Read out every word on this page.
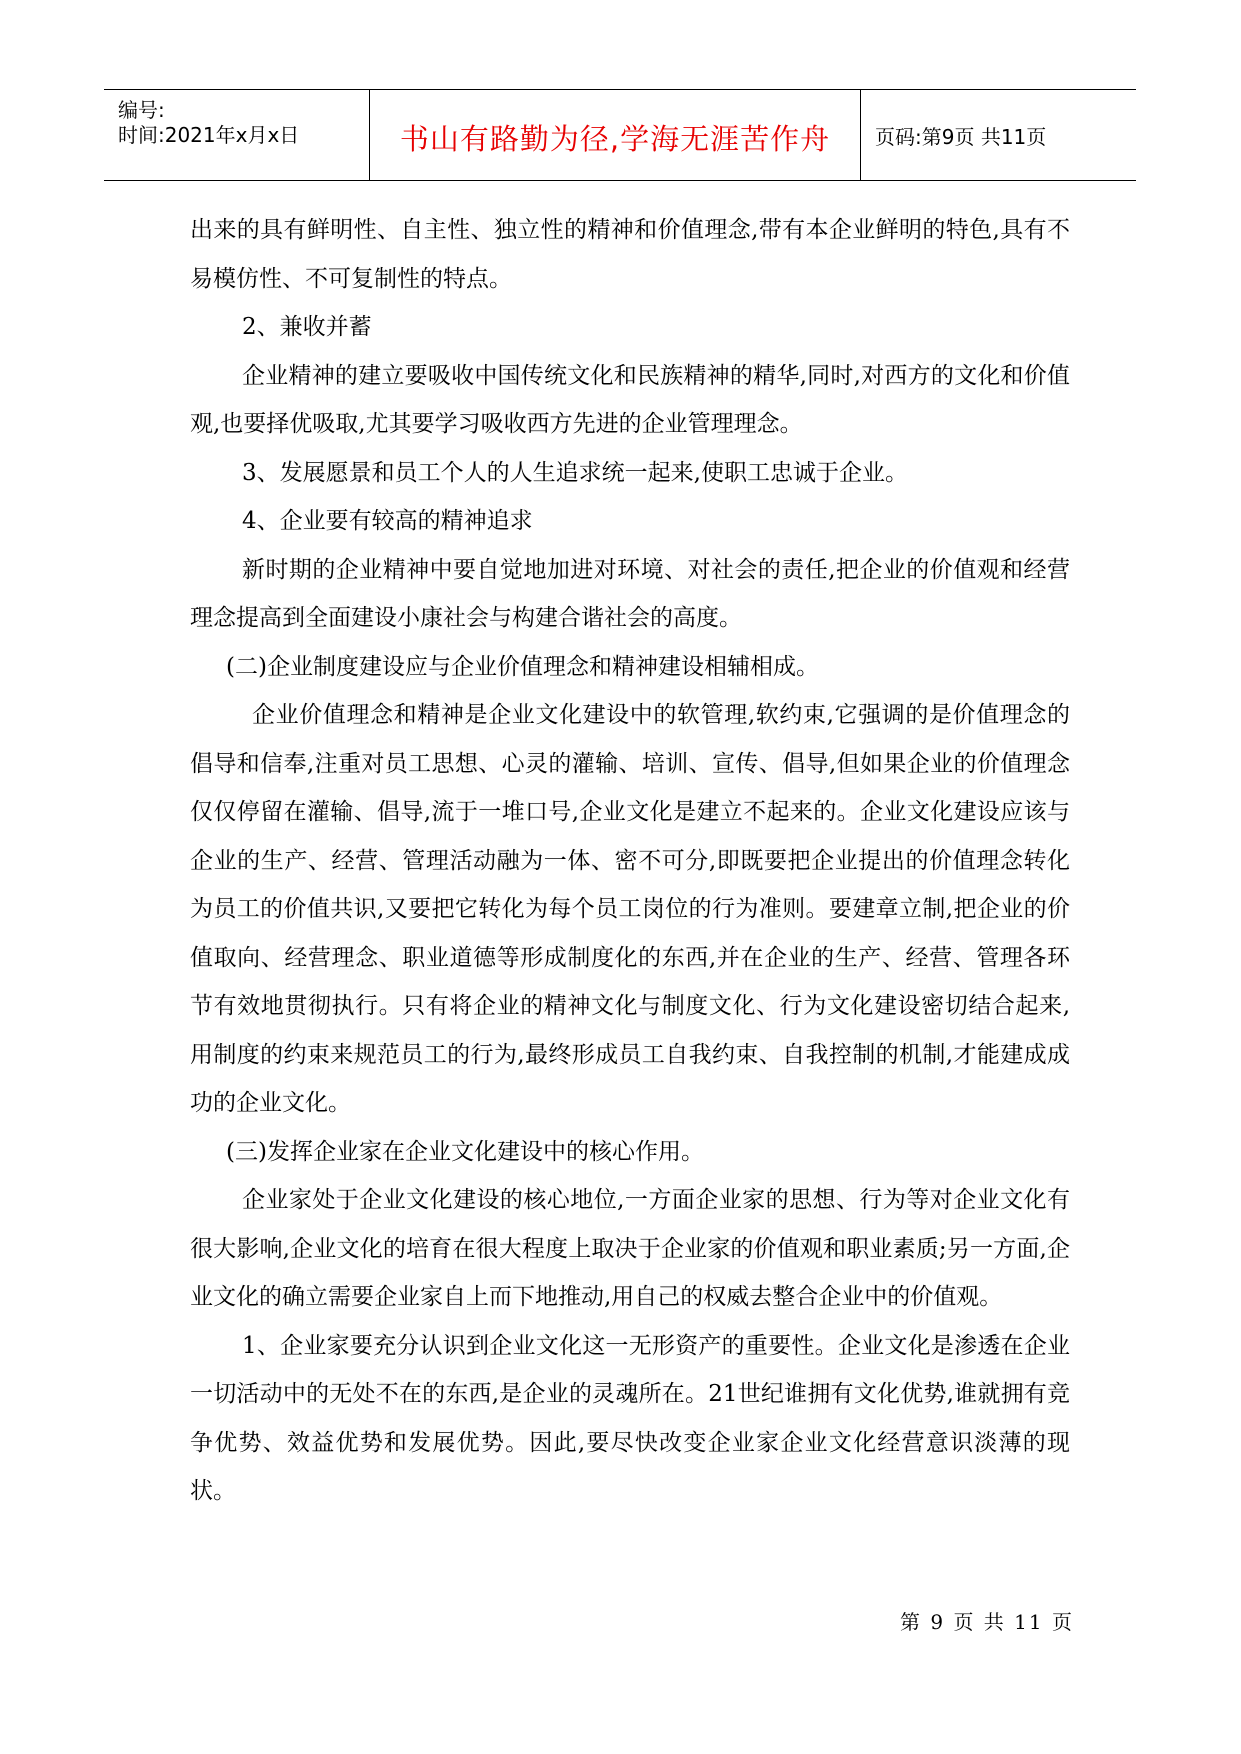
编号:
时间:2021年x月x日	书山有路勤为径,学海无涯苦作舟 页码:第9页 共11页

出来的具有鲜明性、自主性、独立性的精神和价值理念,带有本企业鲜明的特色,具有不易模仿性、不可复制性的特点。

2、兼收并蓄

企业精神的建立要吸收中国传统文化和民族精神的精华,同时,对西方的文化和价值观,也要择优吸取,尤其要学习吸收西方先进的企业管理理念。

3、发展愿景和员工个人的人生追求统一起来,使职工忠诚于企业。

4、企业要有较高的精神追求

新时期的企业精神中要自觉地加进对环境、对社会的责任,把企业的价值观和经营理念提高到全面建设小康社会与构建合谐社会的高度。

(二)企业制度建设应与企业价值理念和精神建设相辅相成。

企业价值理念和精神是企业文化建设中的软管理,软约束,它强调的是价值理念的倡导和信奉,注重对员工思想、心灵的灌输、培训、宣传、倡导,但如果企业的价值理念仅仅停留在灌输、倡导,流于一堆口号,企业文化是建立不起来的。企业文化建设应该与企业的生产、经营、管理活动融为一体、密不可分,即既要把企业提出的价值理念转化为员工的价值共识,又要把它转化为每个员工岗位的行为准则。要建章立制,把企业的价值取向、经营理念、职业道德等形成制度化的东西,并在企业的生产、经营、管理各环节有效地贯彻执行。只有将企业的精神文化与制度文化、行为文化建设密切结合起来,用制度的约束来规范员工的行为,最终形成员工自我约束、自我控制的机制,才能建成成功的企业文化。

(三)发挥企业家在企业文化建设中的核心作用。

企业家处于企业文化建设的核心地位,一方面企业家的思想、行为等对企业文化有很大影响,企业文化的培育在很大程度上取决于企业家的价值观和职业素质;另一方面,企业文化的确立需要企业家自上而下地推动,用自己的权威去整合企业中的价值观。

1、企业家要充分认识到企业文化这一无形资产的重要性。企业文化是渗透在企业一切活动中的无处不在的东西,是企业的灵魂所在。21世纪谁拥有文化优势,谁就拥有竞争优势、效益优势和发展优势。因此,要尽快改变企业家企业文化经营意识淡薄的现状。

第 9 页 共 11 页
